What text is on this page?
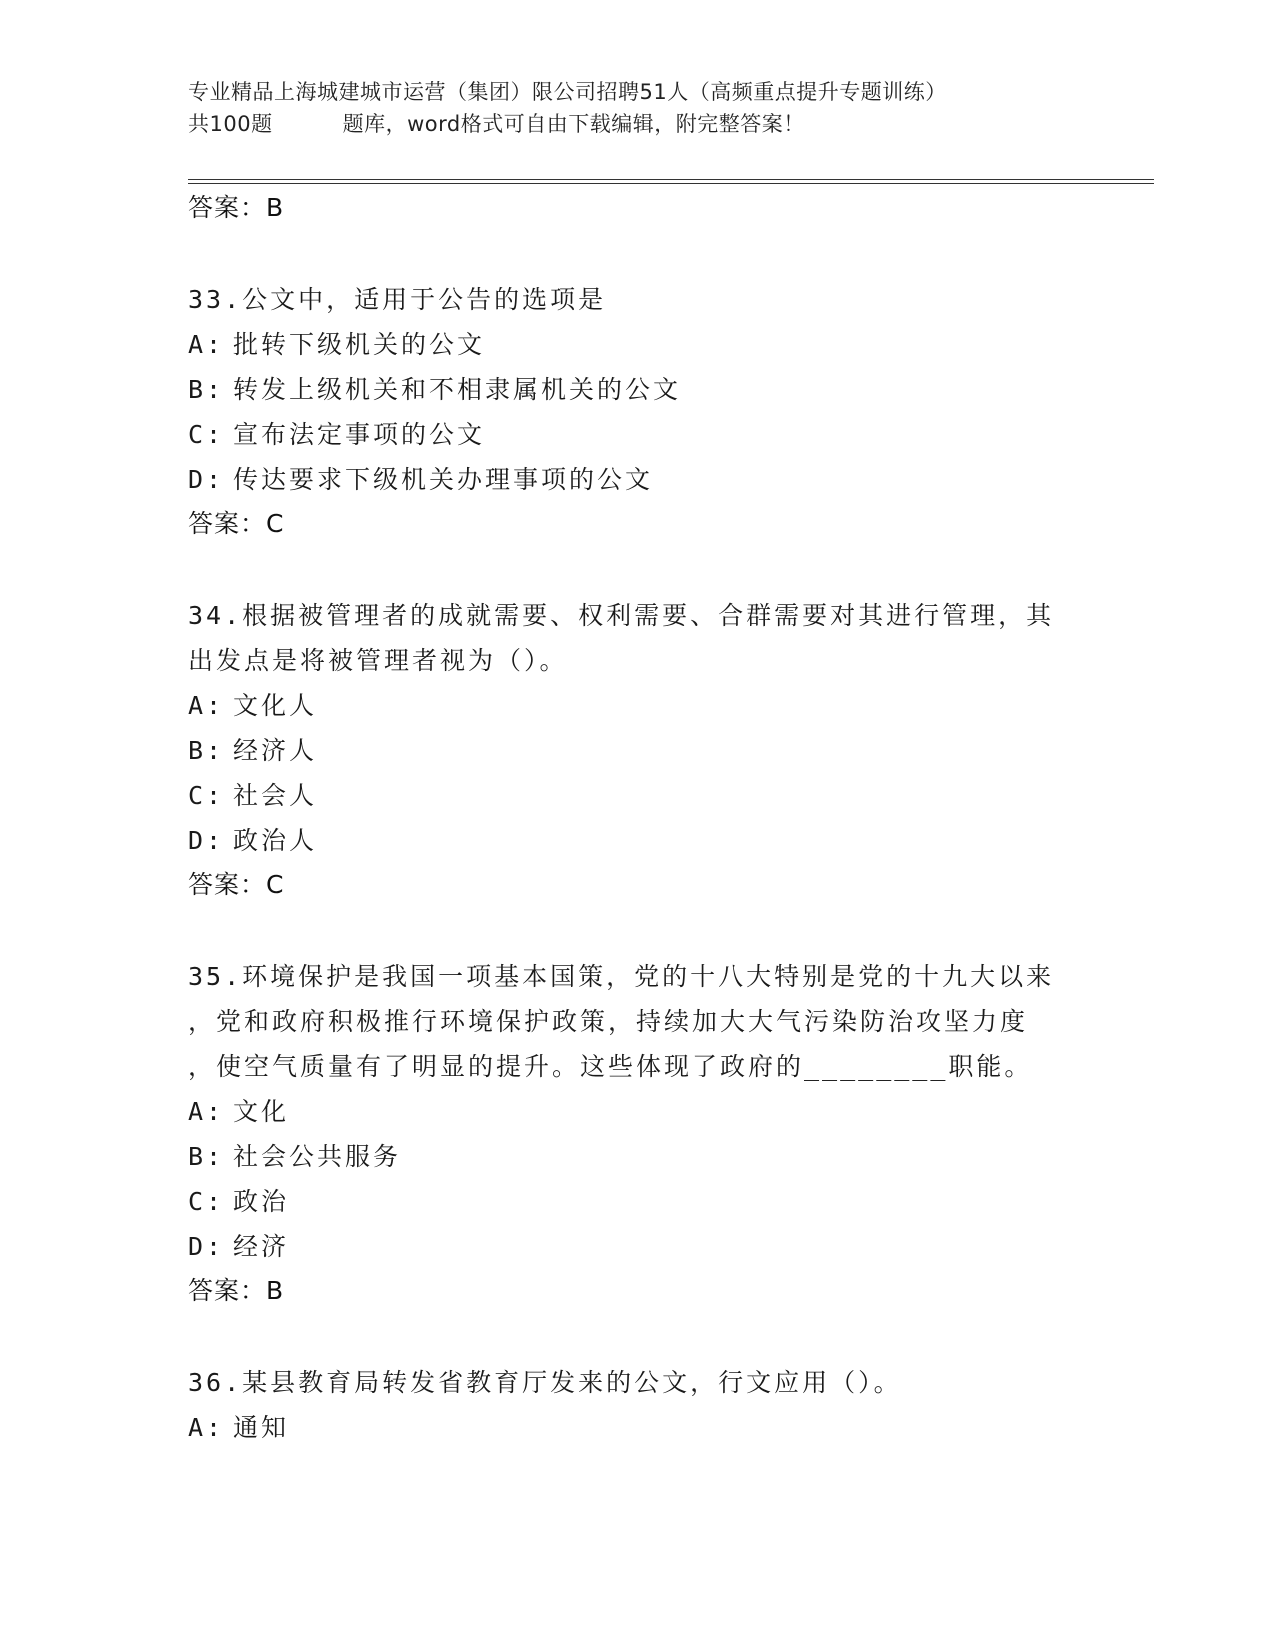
专业精品上海城建城市运营（集团）限公司招聘51人（高频重点提升专题训练）
共100题	题库，word格式可自由下载编辑，附完整答案！
答案：B
33.公文中，适用于公告的选项是
A: 批转下级机关的公文
B: 转发上级机关和不相隶属机关的公文
C: 宣布法定事项的公文
D: 传达要求下级机关办理事项的公文
答案：C
34.根据被管理者的成就需要、权利需要、合群需要对其进行管理，其
出发点是将被管理者视为（）。
A: 文化人
B: 经济人
C: 社会人
D: 政治人
答案：C
35.环境保护是我国一项基本国策，党的十八大特别是党的十九大以来
，党和政府积极推行环境保护政策，持续加大大气污染防治攻坚力度
，使空气质量有了明显的提升。这些体现了政府的________职能。
A: 文化
B: 社会公共服务
C: 政治
D: 经济
答案：B
36.某县教育局转发省教育厅发来的公文，行文应用（）。
A: 通知
